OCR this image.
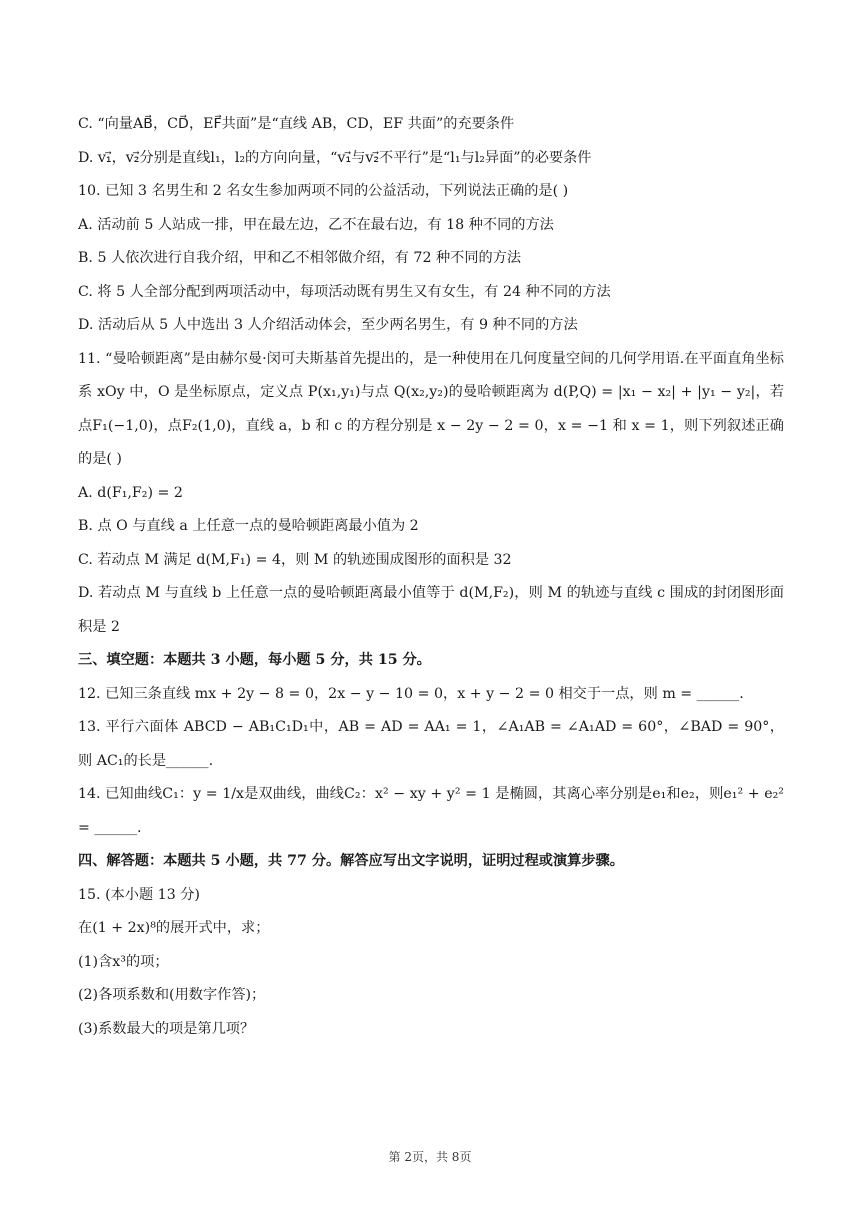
C. “向量AB⃗，CD⃗，EF⃗共面”是“直线 AB，CD，EF 共面”的充要条件
D. v₁⃗，v₂⃗分别是直线l₁，l₂的方向向量，“v₁⃗与v₂⃗不平行”是“l₁与l₂异面”的必要条件
10. 已知 3 名男生和 2 名女生参加两项不同的公益活动，下列说法正确的是( )
A. 活动前 5 人站成一排，甲在最左边，乙不在最右边，有 18 种不同的方法
B. 5 人依次进行自我介绍，甲和乙不相邻做介绍，有 72 种不同的方法
C. 将 5 人全部分配到两项活动中，每项活动既有男生又有女生，有 24 种不同的方法
D. 活动后从 5 人中选出 3 人介绍活动体会，至少两名男生，有 9 种不同的方法
11. “曼哈顿距离”是由赫尔曼·闵可夫斯基首先提出的，是一种使用在几何度量空间的几何学用语.在平面直角坐标系 xOy 中，O 是坐标原点，定义点 P(x₁,y₁)与点 Q(x₂,y₂)的曼哈顿距离为 d(P,Q) = |x₁ − x₂| + |y₁ − y₂|，若点F₁(−1,0)，点F₂(1,0)，直线 a，b 和 c 的方程分别是 x − 2y − 2 = 0，x = −1 和 x = 1，则下列叙述正确的是( )
A. d(F₁,F₂) = 2
B. 点 O 与直线 a 上任意一点的曼哈顿距离最小值为 2
C. 若动点 M 满足 d(M,F₁) = 4，则 M 的轨迹围成图形的面积是 32
D. 若动点 M 与直线 b 上任意一点的曼哈顿距离最小值等于 d(M,F₂)，则 M 的轨迹与直线 c 围成的封闭图形面积是 2
三、填空题：本题共 3 小题，每小题 5 分，共 15 分。
12. 已知三条直线 mx + 2y − 8 = 0，2x − y − 10 = 0，x + y − 2 = 0 相交于一点，则 m = ______.
13. 平行六面体 ABCD − AB₁C₁D₁中，AB = AD = AA₁ = 1，∠A₁AB = ∠A₁AD = 60°，∠BAD = 90°，则 AC₁的长是______.
14. 已知曲线C₁：y = 1/x是双曲线，曲线C₂：x² − xy + y² = 1 是椭圆，其离心率分别是e₁和e₂，则e₁² + e₂² = ______.
四、解答题：本题共 5 小题，共 77 分。解答应写出文字说明，证明过程或演算步骤。
15. (本小题 13 分)
在(1 + 2x)⁸的展开式中，求；
(1)含x³的项；
(2)各项系数和(用数字作答)；
(3)系数最大的项是第几项？
第 2页，共 8页
